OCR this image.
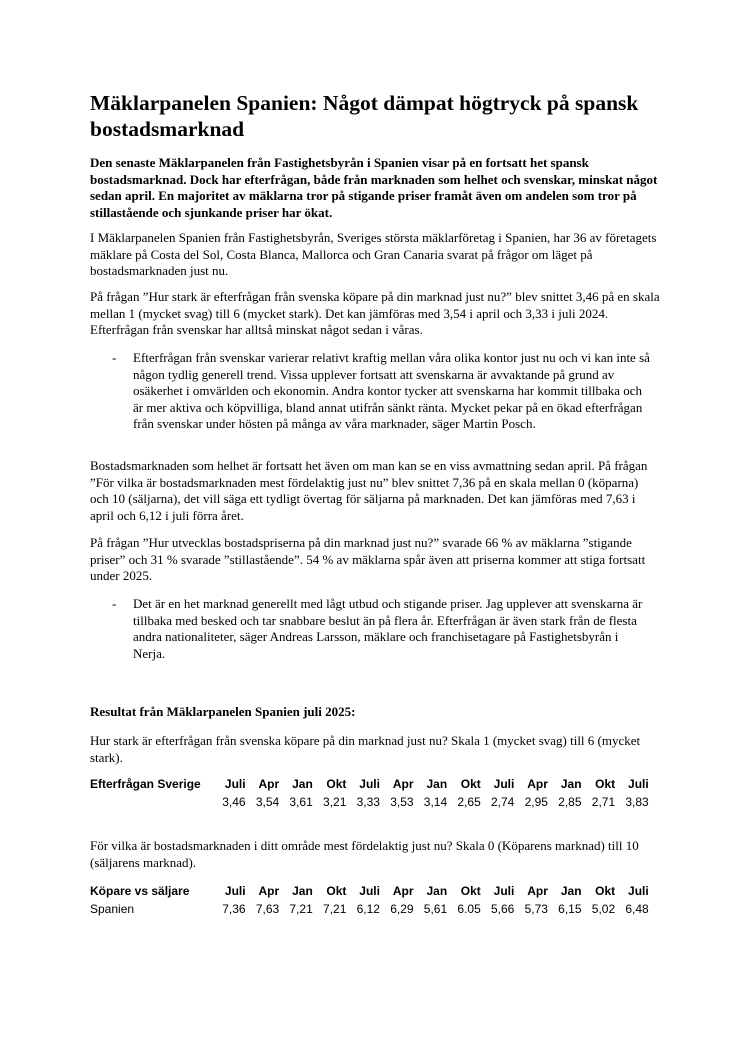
Mäklarpanelen Spanien: Något dämpat högtryck på spansk bostadsmarknad

Den senaste Mäklarpanelen från Fastighetsbyrån i Spanien visar på en fortsatt het spansk bostadsmarknad. Dock har efterfrågan, både från marknaden som helhet och svenskar, minskat något sedan april. En majoritet av mäklarna tror på stigande priser framåt även om andelen som tror på stillastående och sjunkande priser har ökat.

I Mäklarpanelen Spanien från Fastighetsbyrån, Sveriges största mäklarföretag i Spanien, har 36 av företagets mäklare på Costa del Sol, Costa Blanca, Mallorca och Gran Canaria svarat på frågor om läget på bostadsmarknaden just nu.

På frågan ”Hur stark är efterfrågan från svenska köpare på din marknad just nu?” blev snittet 3,46 på en skala mellan 1 (mycket svag) till 6 (mycket stark). Det kan jämföras med 3,54 i april och 3,33 i juli 2024. Efterfrågan från svenskar har alltså minskat något sedan i våras.

- Efterfrågan från svenskar varierar relativt kraftig mellan våra olika kontor just nu och vi kan inte så någon tydlig generell trend. Vissa upplever fortsatt att svenskarna är avvaktande på grund av osäkerhet i omvärlden och ekonomin. Andra kontor tycker att svenskarna har kommit tillbaka och är mer aktiva och köpvilliga, bland annat utifrån sänkt ränta. Mycket pekar på en ökad efterfrågan från svenskar under hösten på många av våra marknader, säger Martin Posch.

Bostadsmarknaden som helhet är fortsatt het även om man kan se en viss avmattning sedan april. På frågan ”För vilka är bostadsmarknaden mest fördelaktig just nu” blev snittet 7,36 på en skala mellan 0 (köparna) och 10 (säljarna), det vill säga ett tydligt övertag för säljarna på marknaden. Det kan jämföras med 7,63 i april och 6,12 i juli förra året.

På frågan ”Hur utvecklas bostadspriserna på din marknad just nu?” svarade 66 % av mäklarna ”stigande priser” och 31 % svarade ”stillastående”. 54 % av mäklarna spår även att priserna kommer att stiga fortsatt under 2025.

- Det är en het marknad generellt med lågt utbud och stigande priser. Jag upplever att svenskarna är tillbaka med besked och tar snabbare beslut än på flera år. Efterfrågan är även stark från de flesta andra nationaliteter, säger Andreas Larsson, mäklare och franchisetagare på Fastighetsbyrån i Nerja.

Resultat från Mäklarpanelen Spanien juli 2025:

Hur stark är efterfrågan från svenska köpare på din marknad just nu? Skala 1 (mycket svag) till 6 (mycket stark).

Efterfrågan Sverige	Juli	Apr	Jan	Okt	Juli	Apr	Jan	Okt	Juli	Apr	Jan	Okt	Juli
	3,46	3,54	3,61	3,21	3,33	3,53	3,14	2,65	2,74	2,95	2,85	2,71	3,83

För vilka är bostadsmarknaden i ditt område mest fördelaktig just nu? Skala 0 (Köparens marknad) till 10 (säljarens marknad).

Köpare vs säljare	Juli	Apr	Jan	Okt	Juli	Apr	Jan	Okt	Juli	Apr	Jan	Okt	Juli
Spanien	7,36	7,63	7,21	7,21	6,12	6,29	5,61	6.05	5,66	5,73	6,15	5,02	6,48
